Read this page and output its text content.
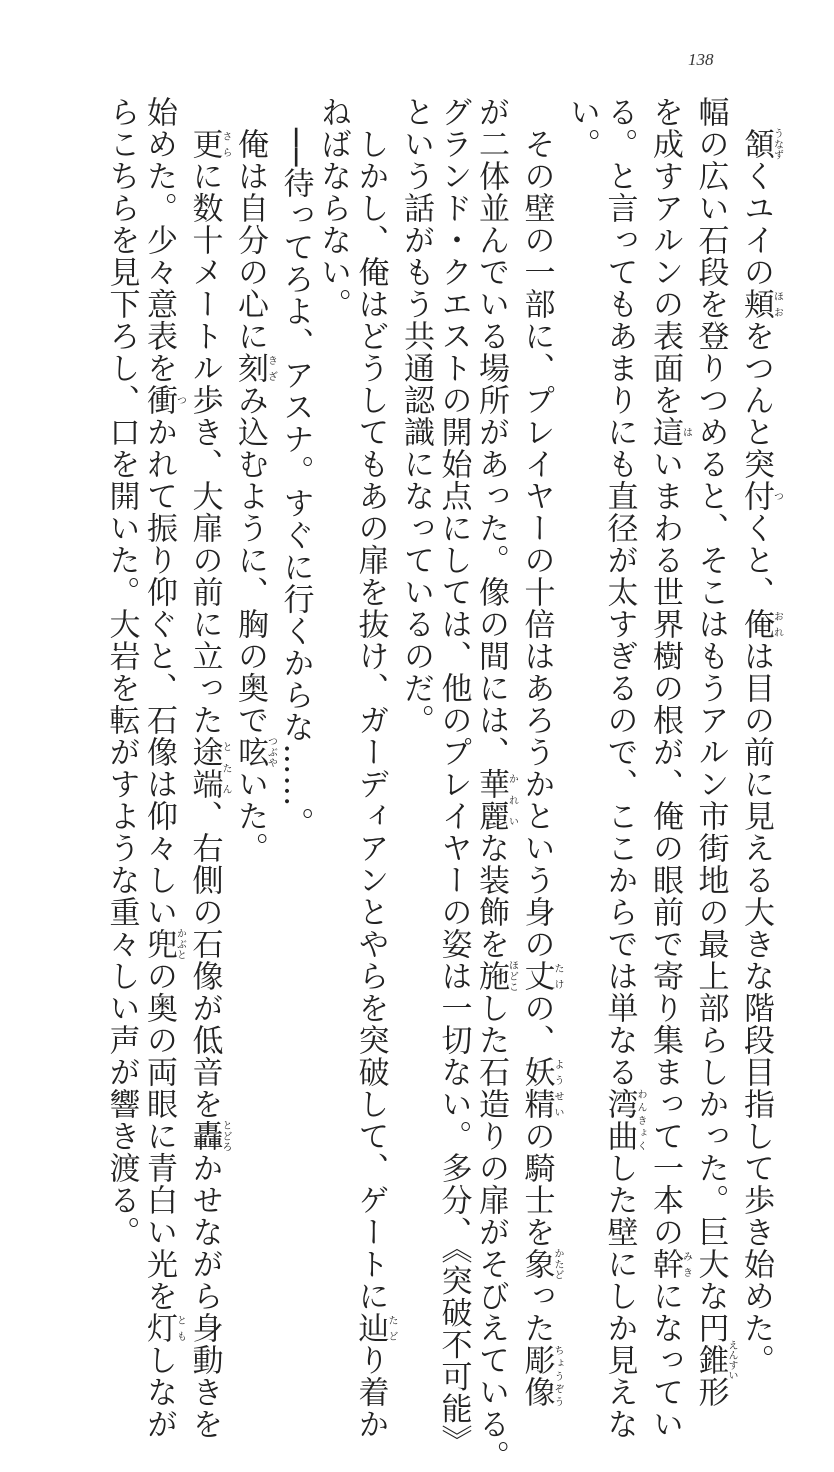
138
　頷うなずくユイの頬ほおをつんと突付つくと、俺おれは目の前に見える大きな階段目指して歩き始めた。
幅の広い石段を登りつめると、そこはもうアルン市街地の最上部らしかった。巨大な円錐えんすい形
を成すアルンの表面を這はいまわる世界樹の根が、俺の眼前で寄り集まって一本の幹みきになってい
る。と言ってもあまりにも直径が太すぎるので、ここからでは単なる湾曲わんきょくした壁にしか見えな
い。
　その壁の一部に、プレイヤーの十倍はあろうかという身の丈たけの、妖精ようせいの騎士を象かたどった彫像ちょうぞう
が二体並んでいる場所があった。像の間には、華麗かれいな装飾を施ほどこした石造りの扉がそびえている。
グランド・クエストの開始点にしては、他のプレイヤーの姿は一切ない。多分、《突破不可能》
という話がもう共通認識になっているのだ。
　しかし、俺はどうしてもあの扉を抜け、ガーディアンとやらを突破して、ゲートに辿たどり着か
ねばならない。
　──待ってろよ、アスナ。すぐに行くからな……。
　俺は自分の心に刻きざみ込むように、胸の奥で呟つぶやいた。
　更さらに数十メートル歩き、大扉の前に立った途端とたん、右側の石像が低音を轟とどろかせながら身動きを
始めた。少々意表を衝つかれて振り仰ぐと、石像は仰々しい兜かぶとの奥の両眼に青白い光を灯ともしなが
らこちらを見下ろし、口を開いた。大岩を転がすような重々しい声が響き渡る。
